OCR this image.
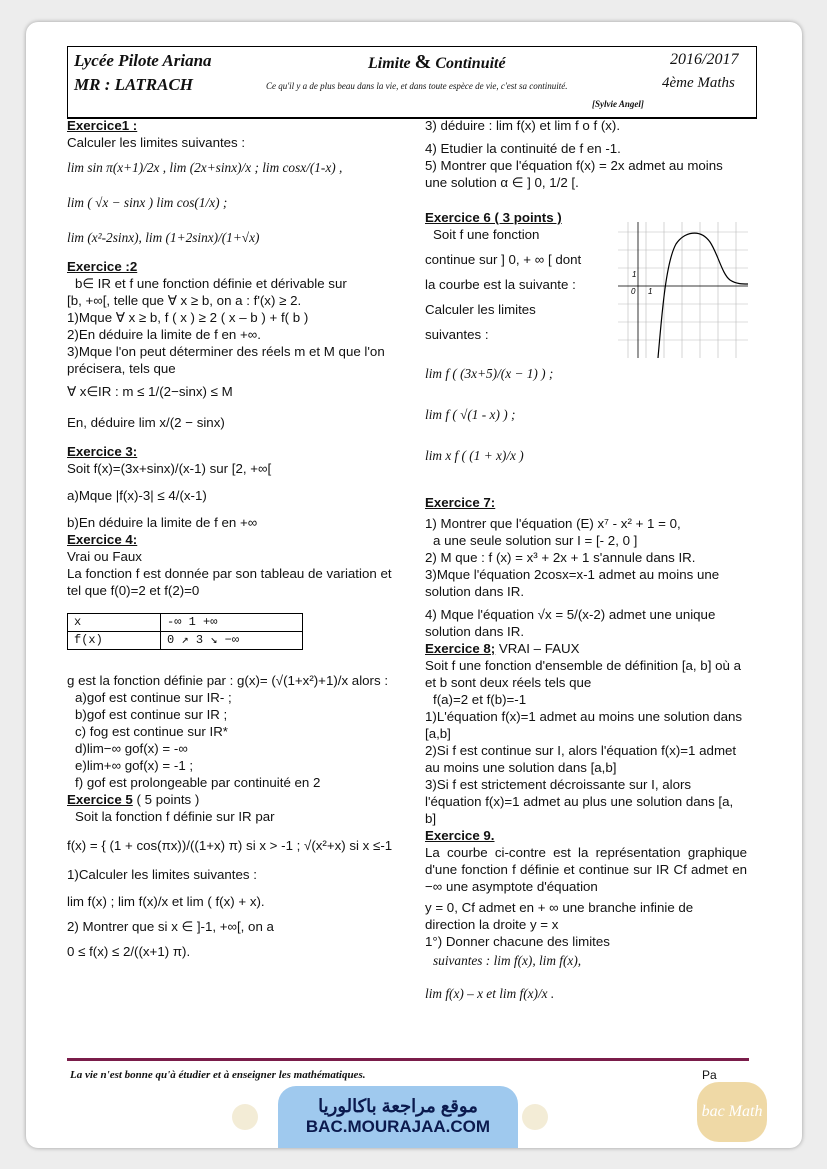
Lycée Pilote Ariana
MR : LATRACH
Limite & Continuité	2016/2017
Ce qu'il y a de plus beau dans la vie, et dans toute espèce de vie, c'est sa continuité.	4ème Maths
[Sylvie Angel]

Exercice1 :

Calculer les limites suivantes :

lim sin π(x+1)/2x , lim (2x+sinx)/x ; lim cosx/(1-x) ,

lim ( √x − sinx ) lim cos(1/x) ;

lim (x²-2sinx), lim (1+2sinx)/(1+√x)

Exercice :2

b∈ IR et f une fonction définie et dérivable sur

[b, +∞[, telle que ∀ x ≥ b, on a : f'(x) ≥ 2.

1)Mque ∀ x ≥ b, f ( x ) ≥ 2 ( x – b ) + f( b )

2)En déduire la limite de f en +∞.

3)Mque l'on peut déterminer des réels m et M que l'on précisera, tels que

∀ x∈IR : m ≤ 1/(2−sinx) ≤ M

En, déduire lim x/(2 − sinx)

Exercice 3:

Soit f(x)=(3x+sinx)/(x-1) sur [2, +∞[

a)Mque |f(x)-3| ≤ 4/(x-1)

b)En déduire la limite de f en +∞

Exercice 4:

Vrai ou Faux

La fonction f est donnée par son tableau de variation et tel que f(0)=2 et f(2)=0

x	-∞ 1 +∞
f(x)	0 ↗ 3 ↘ −∞

g est la fonction définie par : g(x)= (√(1+x²)+1)/x alors :

a)gof est continue sur IR- ;

b)gof est continue sur IR ;

c) fog est continue sur IR*

d)lim−∞ gof(x) = -∞

e)lim+∞ gof(x) = -1 ;

f) gof est prolongeable par continuité en 2

Exercice 5 ( 5 points )

Soit la fonction f définie sur IR par

f(x) = { (1 + cos(πx))/((1+x) π) si x > -1 ; √(x²+x) si x ≤-1

1)Calculer les limites suivantes :

lim f(x) ; lim f(x)/x et lim ( f(x) + x).

2) Montrer que si x ∈ ]-1, +∞[, on a

0 ≤ f(x) ≤ 2/((x+1) π).

3) déduire : lim f(x) et lim f o f (x).

4) Etudier la continuité de f en -1.

5) Montrer que l'équation f(x) = 2x admet au moins une solution α ∈ ] 0, 1/2 [.

Exercice 6 ( 3 points )

Soit f une fonction

continue sur ] 0, + ∞ [ dont

la courbe est la suivante :

Calculer les limites

suivantes :

lim f ( (3x+5)/(x − 1) ) ;

lim f ( √(1 - x) ) ;

lim x f ( (1 + x)/x )

Exercice 7:

1) Montrer que l'équation (E) x⁷ - x² + 1 = 0,

a une seule solution sur I = [- 2, 0 ]

2) M que : f (x) = x³ + 2x + 1 s'annule dans IR.

3)Mque l'équation 2cosx=x-1 admet au moins une solution dans IR.

4) Mque l'équation √x = 5/(x-2) admet une unique solution dans IR.

Exercice 8; VRAI – FAUX

Soit f une fonction d'ensemble de définition [a, b] où a et b sont deux réels tels que

f(a)=2 et f(b)=-1

1)L'équation f(x)=1 admet au moins une solution dans [a,b]

2)Si f est continue sur I, alors l'équation f(x)=1 admet au moins une solution dans [a,b]

3)Si f est strictement décroissante sur I, alors l'équation f(x)=1 admet au plus une solution dans [a, b]

Exercice 9.

La courbe ci-contre est la représentation graphique d'une fonction f définie et continue sur IR Cf admet en −∞ une asymptote d'équation

y = 0, Cf admet en + ∞ une branche infinie de direction la droite y = x

1°) Donner chacune des limites

suivantes : lim f(x), lim f(x),

lim f(x) – x et lim f(x)/x .

1
0 1
La vie n'est bonne qu'à étudier et à enseigner les mathématiques.	Pa
موقع مراجعة باكالوريا
BAC.MOURAJAA.COM
bac Math
